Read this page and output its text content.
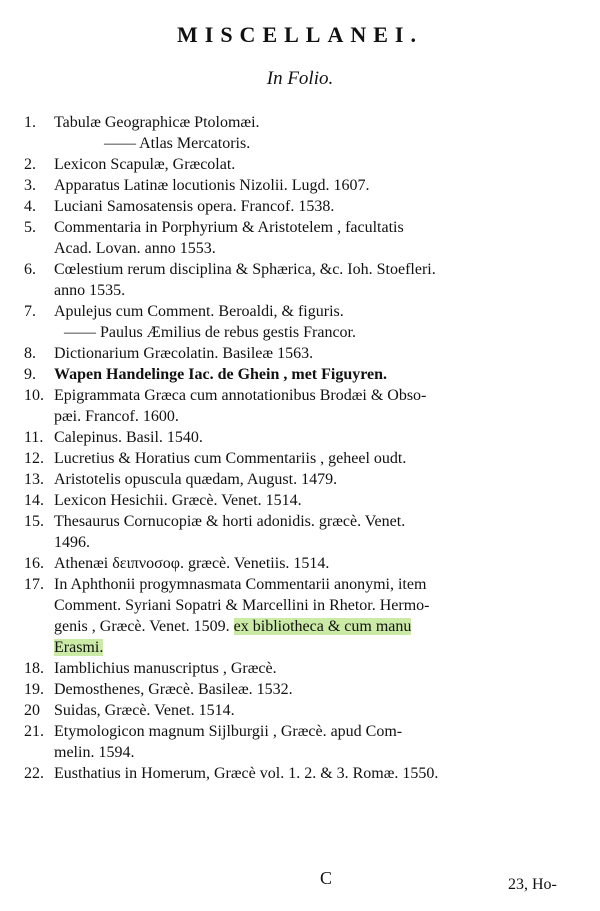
MISCELLANEI.
In Folio.
1.	Tabulæ Geographicæ Ptolomæi.
—— Atlas Mercatoris.
2.	Lexicon Scapulæ, Græcolat.
3.	Apparatus Latinæ locutionis Nizolii. Lugd. 1607.
4.	Luciani Samosatensis opera. Francof. 1538.
5.	Commentaria in Porphyrium & Aristotelem , facultatis
Acad. Lovan. anno 1553.
6.	Cœlestium rerum disciplina & Sphærica, &c. Ioh. Stoefleri.
anno 1535.
7.	Apulejus cum Comment. Beroaldi, & figuris.
—— Paulus Æmilius de rebus gestis Francor.
8.	Dictionarium Græcolatin. Basileæ 1563.
9.	Wapen Handelinge Iac. de Ghein , met Figuyren.
10. Epigrammata Græca cum annotationibus Brodæi & Obso-
pæi. Francof. 1600.
11. Calepinus. Basil. 1540.
12. Lucretius & Horatius cum Commentariis , geheel oudt.
13. Aristotelis opuscula quædam, August. 1479.
14. Lexicon Hesichii. Græcè. Venet. 1514.
15. Thesaurus Cornucopiæ & horti adonidis. græcè. Venet.
1496.
16. Athenæi δειπνοσοφ. græcè. Venetiis. 1514.
17. In Aphthonii progymnasmata Commentarii anonymi, item
Comment. Syriani Sopatri & Marcellini in Rhetor. Hermo-
genis , Græcè. Venet. 1509. ex bibliotheca & cum manu
Erasmi.
18. Iamblichius manuscriptus , Græcè.
19. Demosthenes, Græcè. Basileæ. 1532.
20 Suidas, Græcè. Venet. 1514.
21. Etymologicon magnum Sijlburgii , Græcè. apud Com-
melin. 1594.
22. Eusthatius in Homerum, Græcè vol. 1. 2. & 3. Romæ. 1550.
C	23, Ho-
